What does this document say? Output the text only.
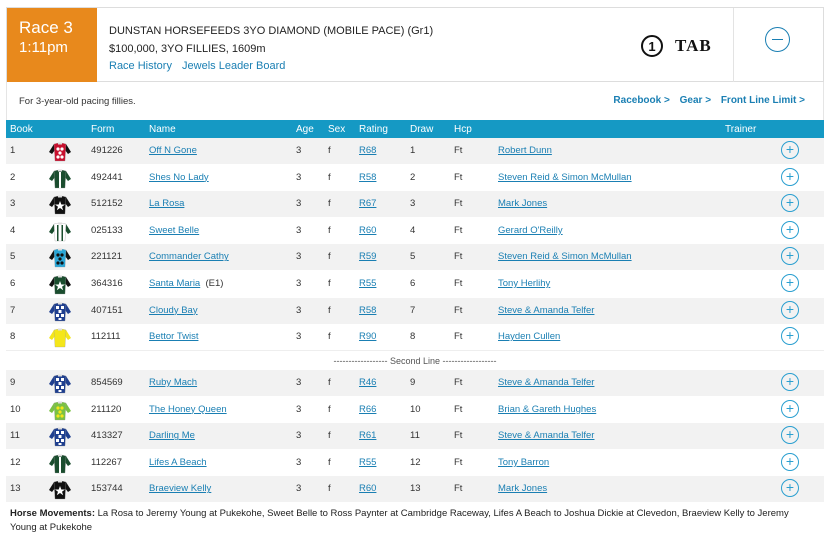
Race 3
1:11pm
DUNSTAN HORSEFEEDS 3YO DIAMOND (MOBILE PACE) (Gr1)
$100,000, 3YO FILLIES, 1609m
Race History Jewels Leader Board
1	TAB
For 3-year-old pacing fillies.	Racebook > Gear > Front Line Limit >
Book	Form	Name	Age Sex Rating Draw Hcp	Trainer
1	491226	Off N Gone	3	f	R68	1	Ft	Robert Dunn	+
2	492441	Shes No Lady	3	f	R58	2	Ft	Steven Reid & Simon McMullan	+
3	512152	La Rosa	3	f	R67	3	Ft	Mark Jones	+
4	025133	Sweet Belle	3	f	R60	4	Ft	Gerard O'Reilly	+
5	221121	Commander Cathy	3	f	R59	5	Ft	Steven Reid & Simon McMullan	+
6	364316	Santa Maria (E1)	3	f	R55	6	Ft	Tony Herlihy	+
7	407151	Cloudy Bay	3	f	R58	7	Ft	Steve & Amanda Telfer	+
8	112111	Bettor Twist	3	f	R90	8	Ft	Hayden Cullen	+
------------------ Second Line ------------------
9	854569	Ruby Mach	3	f	R46	9	Ft	Steve & Amanda Telfer	+
10	211120	The Honey Queen	3	f	R66	10	Ft	Brian & Gareth Hughes	+
11	413327	Darling Me	3	f	R61	11	Ft	Steve & Amanda Telfer	+
12	112267	Lifes A Beach	3	f	R55	12	Ft	Tony Barron	+
13	153744	Braeview Kelly	3	f	R60	13	Ft	Mark Jones	+
Horse Movements: La Rosa to Jeremy Young at Pukekohe, Sweet Belle to Ross Paynter at Cambridge Raceway, Lifes A Beach to Joshua Dickie at Clevedon, Braeview Kelly to Jeremy Young at Pukekohe
